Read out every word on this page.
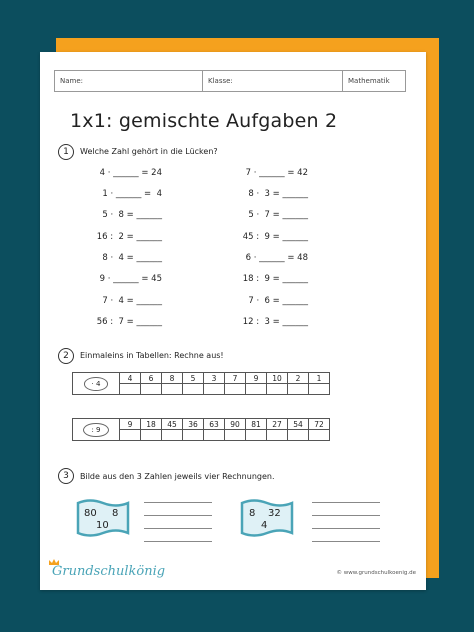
Name:	Klasse:	Mathematik
1x1: gemischte Aufgaben 2
1	Welche Zahl gehört in die Lücken?
4 · ______ = 24
1 · ______ =  4
5 ·  8 = ______
16 :  2 = ______
8 ·  4 = ______
9 · ______ = 45
7 ·  4 = ______
56 :  7 = ______
7 · ______ = 42
8 ·  3 = ______
5 ·  7 = ______
45 :  9 = ______
6 · ______ = 48
18 :  9 = ______
7 ·  6 = ______
12 :  3 = ______
2	Einmaleins in Tabellen: Rechne aus!
· 4	4	6	8	5	3	7	9	10	2	1

: 9	9	18	45	36	63	90	81	27	54	72

3	Bilde aus den 3 Zahlen jeweils vier Rechnungen.
80 8
10
8 32
4
Grundschulkönig	© www.grundschulkoenig.de
